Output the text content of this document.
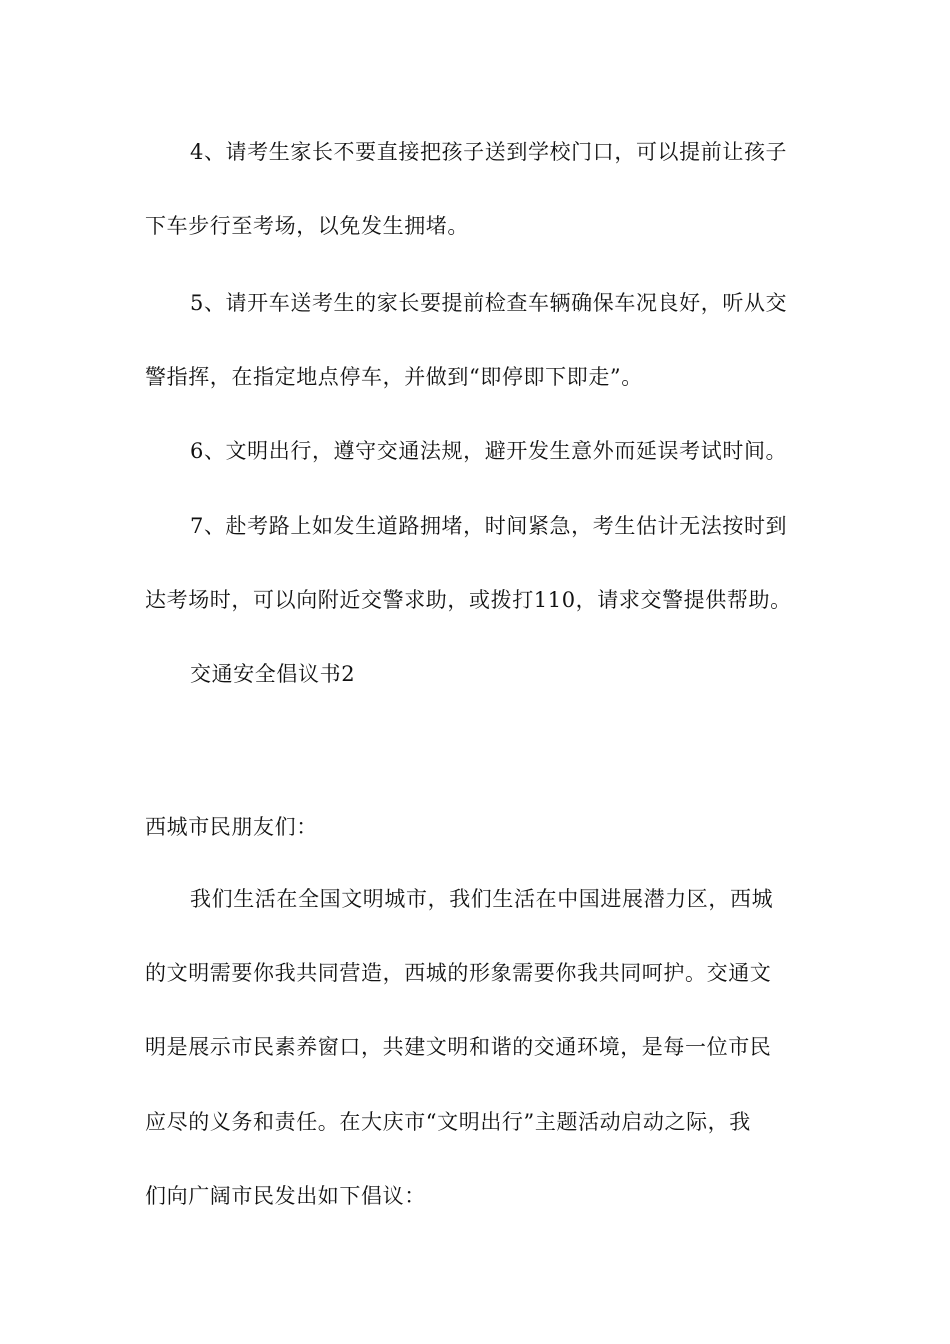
4、请考生家长不要直接把孩子送到学校门口，可以提前让孩子
下车步行至考场，以免发生拥堵。
5、请开车送考生的家长要提前检查车辆确保车况良好，听从交
警指挥，在指定地点停车，并做到“即停即下即走”。
6、文明出行，遵守交通法规，避开发生意外而延误考试时间。
7、赴考路上如发生道路拥堵，时间紧急，考生估计无法按时到
达考场时，可以向附近交警求助，或拨打110，请求交警提供帮助。
交通安全倡议书2
西城市民朋友们：
我们生活在全国文明城市，我们生活在中国进展潜力区，西城
的文明需要你我共同营造，西城的形象需要你我共同呵护。交通文
明是展示市民素养窗口，共建文明和谐的交通环境，是每一位市民
应尽的义务和责任。在大庆市“文明出行”主题活动启动之际，我
们向广阔市民发出如下倡议：
